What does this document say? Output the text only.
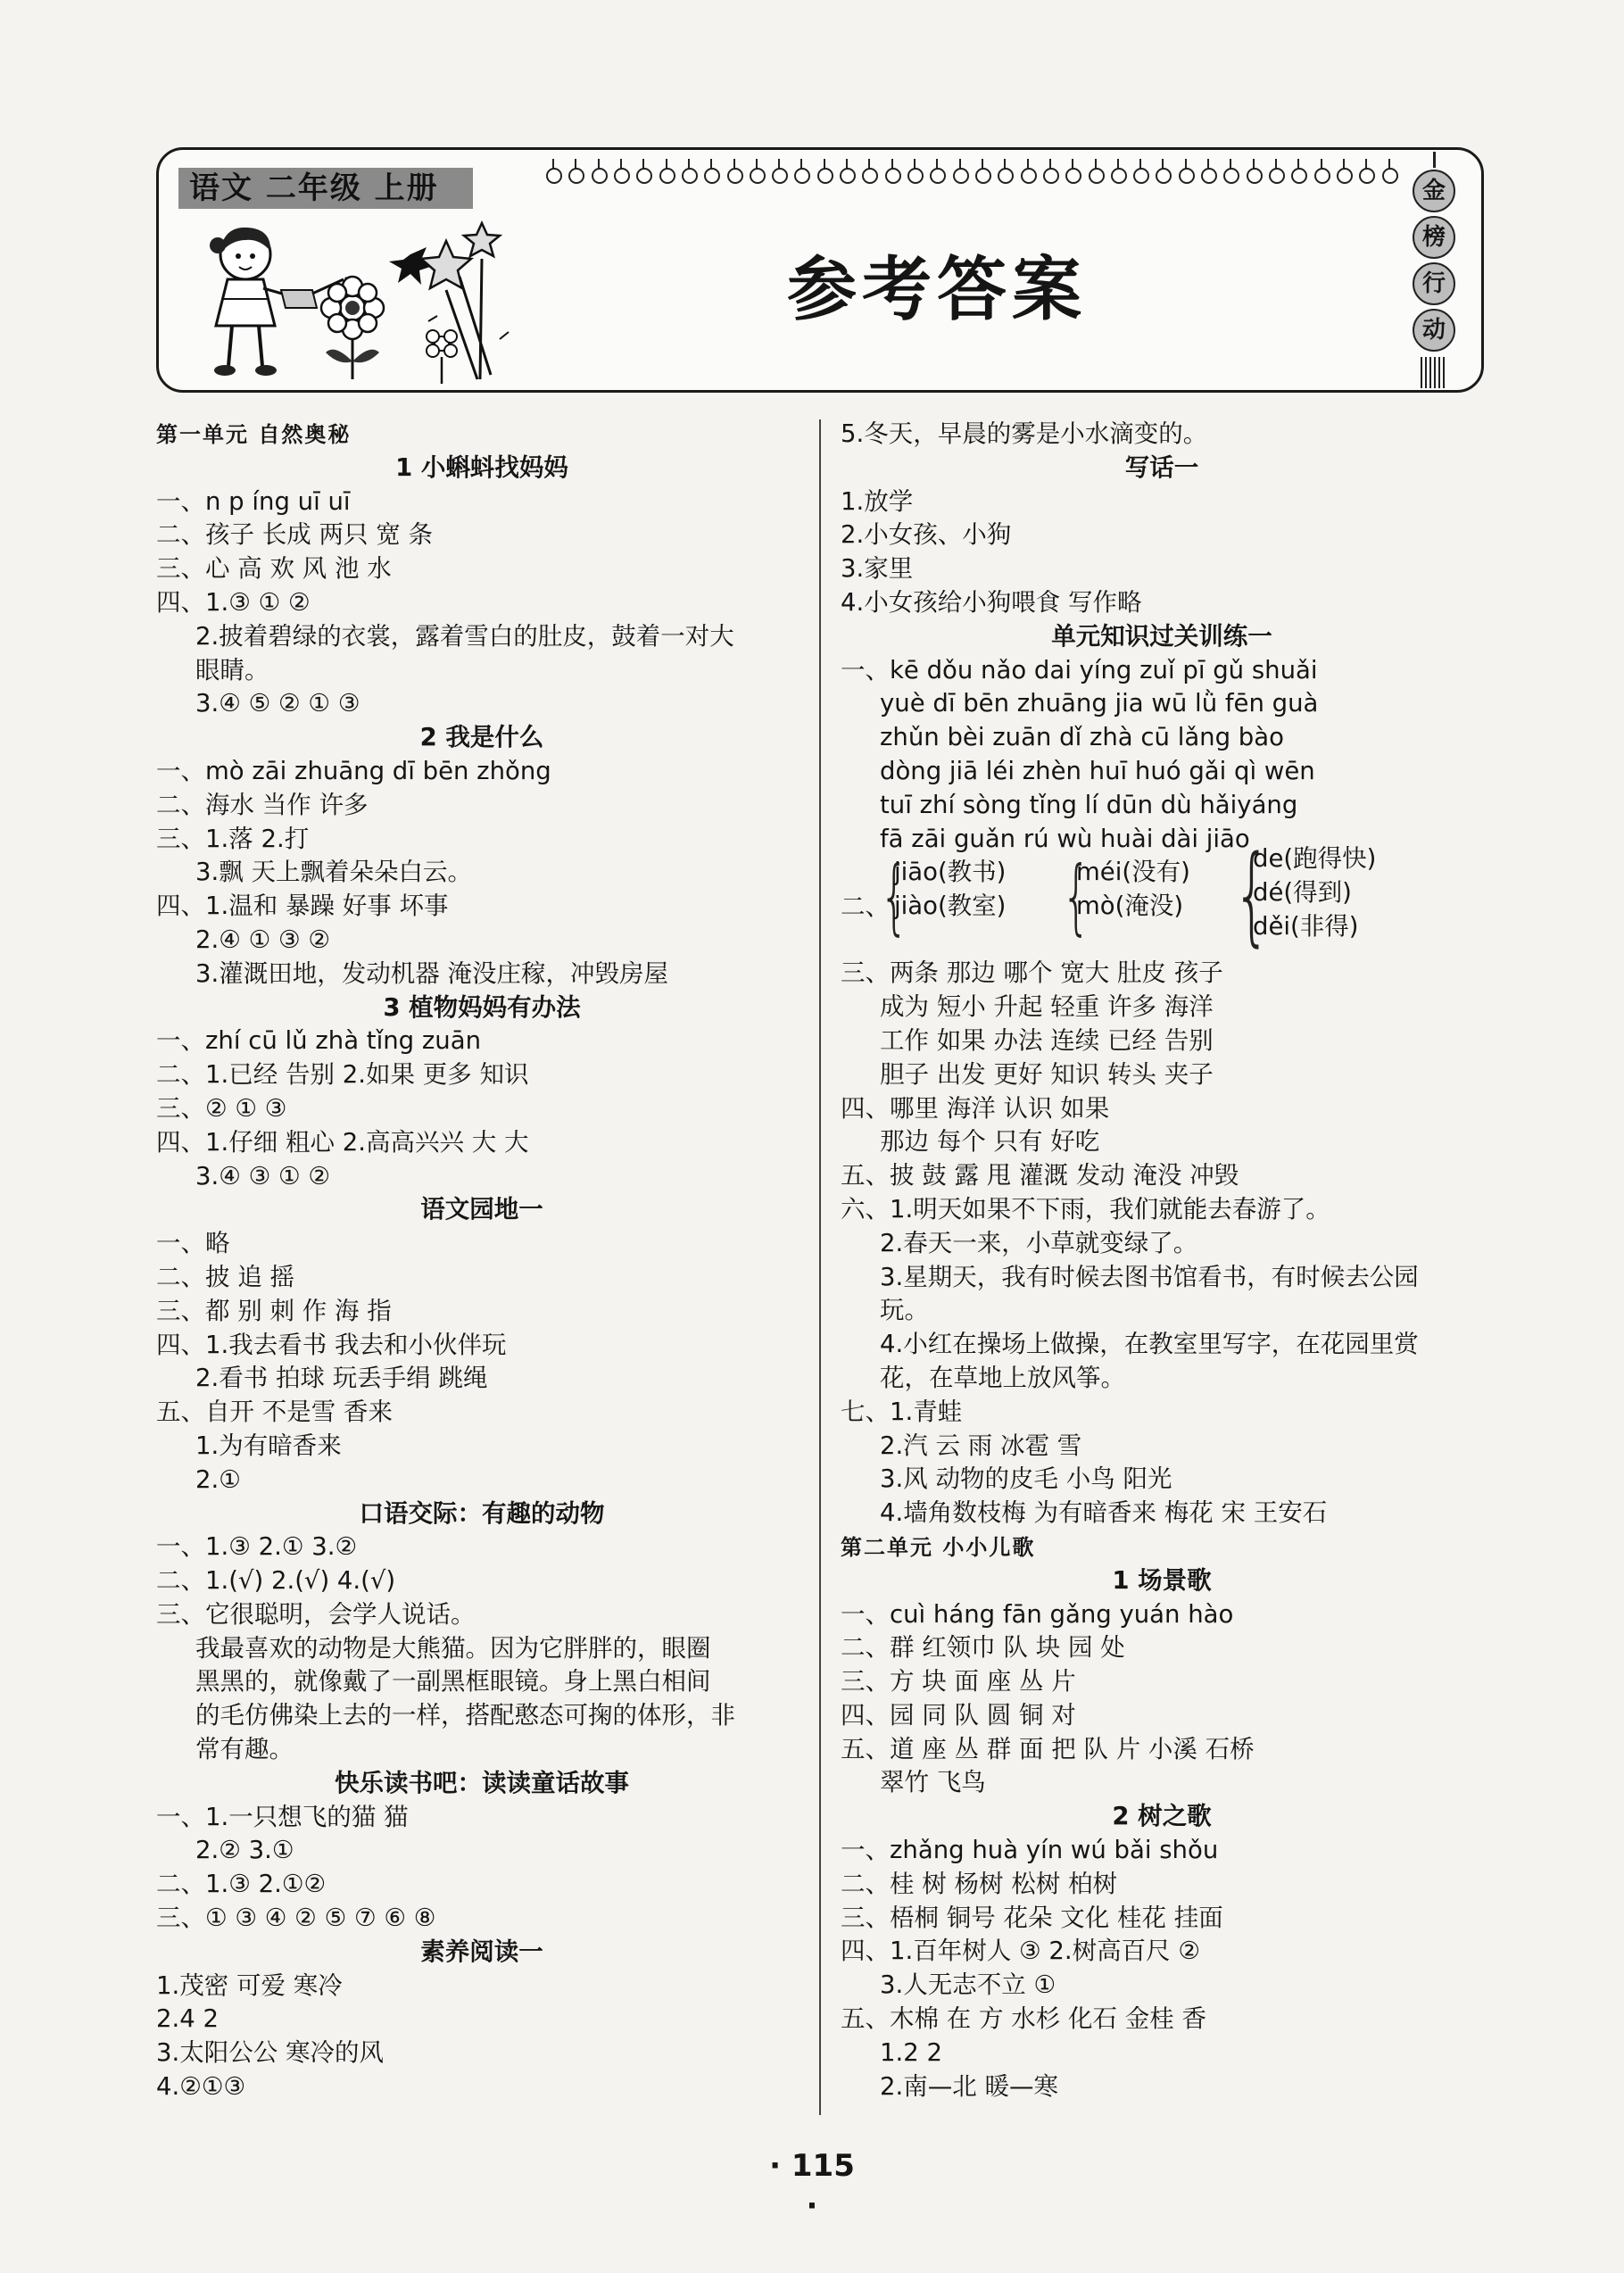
语文 二年级 上册
参考答案
金
榜
行
动
第一单元 自然奥秘
1 小蝌蚪找妈妈
一、n p íng uī uī
二、孩子 长成 两只 宽 条
三、心 高 欢 风 池 水
四、1.③ ① ②
2.披着碧绿的衣裳，露着雪白的肚皮，鼓着一对大
眼睛。
3.④ ⑤ ② ① ③
2 我是什么
一、mò zāi zhuāng dī bēn zhǒng
二、海水 当作 许多
三、1.落 2.打
3.飘 天上飘着朵朵白云。
四、1.温和 暴躁 好事 坏事
2.④ ① ③ ②
3.灌溉田地，发动机器 淹没庄稼，冲毁房屋
3 植物妈妈有办法
一、zhí cū lǔ zhà tǐng zuān
二、1.已经 告别 2.如果 更多 知识
三、② ① ③
四、1.仔细 粗心 2.高高兴兴 大 大
3.④ ③ ① ②
语文园地一
一、略
二、披 追 摇
三、都 别 刺 作 海 指
四、1.我去看书 我去和小伙伴玩
2.看书 拍球 玩丢手绢 跳绳
五、自开 不是雪 香来
1.为有暗香来
2.①
口语交际：有趣的动物
一、1.③ 2.① 3.②
二、1.(√) 2.(√) 4.(√)
三、它很聪明，会学人说话。
我最喜欢的动物是大熊猫。因为它胖胖的，眼圈
黑黑的，就像戴了一副黑框眼镜。身上黑白相间
的毛仿佛染上去的一样，搭配憨态可掬的体形，非
常有趣。
快乐读书吧：读读童话故事
一、1.一只想飞的猫 猫
2.② 3.①
二、1.③ 2.①②
三、① ③ ④ ② ⑤ ⑦ ⑥ ⑧
素养阅读一
1.茂密 可爱 寒冷
2.4 2
3.太阳公公 寒冷的风
4.②①③
5.冬天，早晨的雾是小水滴变的。
写话一
1.放学
2.小女孩、小狗
3.家里
4.小女孩给小狗喂食 写作略
单元知识过关训练一
一、kē dǒu nǎo dai yíng zuǐ pī gǔ shuǎi
yuè dī bēn zhuāng jia wū lǜ fēn guà
zhǔn bèi zuān dǐ zhà cū lǎng bào
dòng jiā léi zhèn huī huó gǎi qì wēn
tuī zhí sòng tǐng lí dūn dù hǎiyáng
fā zāi guǎn rú wù huài dài jiāo
二、
{
jiāo(教书)
jiào(教室) {
méi(没有)
mò(淹没) {
de(跑得快)
dé(得到)
děi(非得)
三、两条 那边 哪个 宽大 肚皮 孩子
成为 短小 升起 轻重 许多 海洋
工作 如果 办法 连续 已经 告别
胆子 出发 更好 知识 转头 夹子
四、哪里 海洋 认识 如果
那边 每个 只有 好吃
五、披 鼓 露 甩 灌溉 发动 淹没 冲毁
六、1.明天如果不下雨，我们就能去春游了。
2.春天一来，小草就变绿了。
3.星期天，我有时候去图书馆看书，有时候去公园
玩。
4.小红在操场上做操，在教室里写字，在花园里赏
花，在草地上放风筝。
七、1.青蛙
2.汽 云 雨 冰雹 雪
3.风 动物的皮毛 小鸟 阳光
4.墙角数枝梅 为有暗香来 梅花 宋 王安石
第二单元 小小儿歌
1 场景歌
一、cuì háng fān gǎng yuán hào
二、群 红领巾 队 块 园 处
三、方 块 面 座 丛 片
四、园 同 队 圆 铜 对
五、道 座 丛 群 面 把 队 片 小溪 石桥
翠竹 飞鸟
2 树之歌
一、zhǎng huà yín wú bǎi shǒu
二、桂 树 杨树 松树 柏树
三、梧桐 铜号 花朵 文化 桂花 挂面
四、1.百年树人 ③ 2.树高百尺 ②
3.人无志不立 ①
五、木棉 在 方 水杉 化石 金桂 香
1.2 2
2.南—北 暖—寒
· 115 ·
